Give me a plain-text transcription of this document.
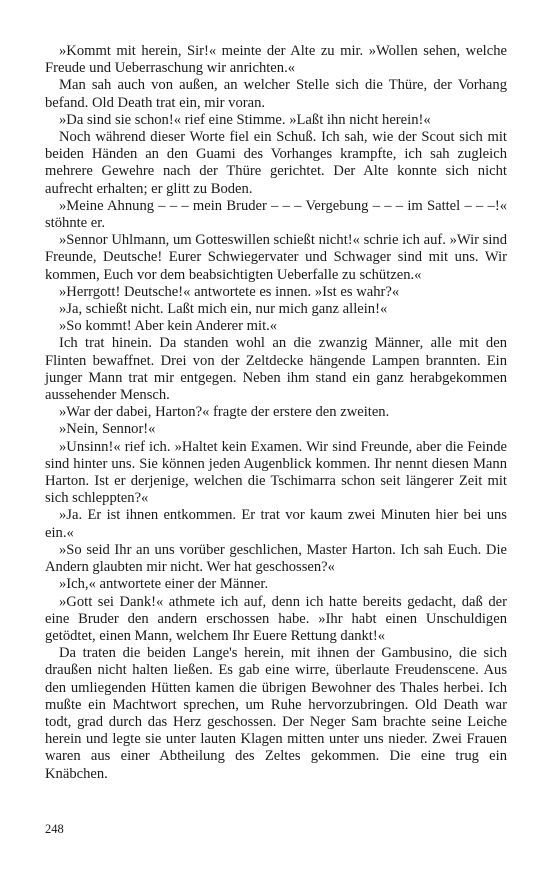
»Kommt mit herein, Sir!« meinte der Alte zu mir. »Wollen sehen, welche Freude und Ueberraschung wir anrichten.«

Man sah auch von außen, an welcher Stelle sich die Thüre, der Vorhang befand. Old Death trat ein, mir voran.

»Da sind sie schon!« rief eine Stimme. »Laßt ihn nicht herein!«

Noch während dieser Worte fiel ein Schuß. Ich sah, wie der Scout sich mit beiden Händen an den Guami des Vorhanges krampfte, ich sah zugleich mehrere Gewehre nach der Thüre gerichtet. Der Alte konnte sich nicht aufrecht erhalten; er glitt zu Boden.

»Meine Ahnung – – – mein Bruder – – – Vergebung – – – im Sattel – – –!« stöhnte er.

»Sennor Uhlmann, um Gotteswillen schießt nicht!« schrie ich auf. »Wir sind Freunde, Deutsche! Eurer Schwiegervater und Schwager sind mit uns. Wir kommen, Euch vor dem beabsichtigten Ueberfalle zu schützen.«

»Herrgott! Deutsche!« antwortete es innen. »Ist es wahr?«

»Ja, schießt nicht. Laßt mich ein, nur mich ganz allein!«

»So kommt! Aber kein Anderer mit.«

Ich trat hinein. Da standen wohl an die zwanzig Männer, alle mit den Flinten bewaffnet. Drei von der Zeltdecke hängende Lampen brannten. Ein junger Mann trat mir entgegen. Neben ihm stand ein ganz herabgekommen aussehender Mensch.

»War der dabei, Harton?« fragte der erstere den zweiten.

»Nein, Sennor!«

»Unsinn!« rief ich. »Haltet kein Examen. Wir sind Freunde, aber die Feinde sind hinter uns. Sie können jeden Augenblick kommen. Ihr nennt diesen Mann Harton. Ist er derjenige, welchen die Tschimarra schon seit längerer Zeit mit sich schleppten?«

»Ja. Er ist ihnen entkommen. Er trat vor kaum zwei Minuten hier bei uns ein.«

»So seid Ihr an uns vorüber geschlichen, Master Harton. Ich sah Euch. Die Andern glaubten mir nicht. Wer hat geschossen?«

»Ich,« antwortete einer der Männer.

»Gott sei Dank!« athmete ich auf, denn ich hatte bereits gedacht, daß der eine Bruder den andern erschossen habe. »Ihr habt einen Unschuldigen getödtet, einen Mann, welchem Ihr Euere Rettung dankt!«

Da traten die beiden Lange's herein, mit ihnen der Gambusino, die sich draußen nicht halten ließen. Es gab eine wirre, überlaute Freudenscene. Aus den umliegenden Hütten kamen die übrigen Bewohner des Thales herbei. Ich mußte ein Machtwort sprechen, um Ruhe hervorzubringen. Old Death war todt, grad durch das Herz geschossen. Der Neger Sam brachte seine Leiche herein und legte sie unter lauten Klagen mitten unter uns nieder. Zwei Frauen waren aus einer Abtheilung des Zeltes gekommen. Die eine trug ein Knäbchen.

248
